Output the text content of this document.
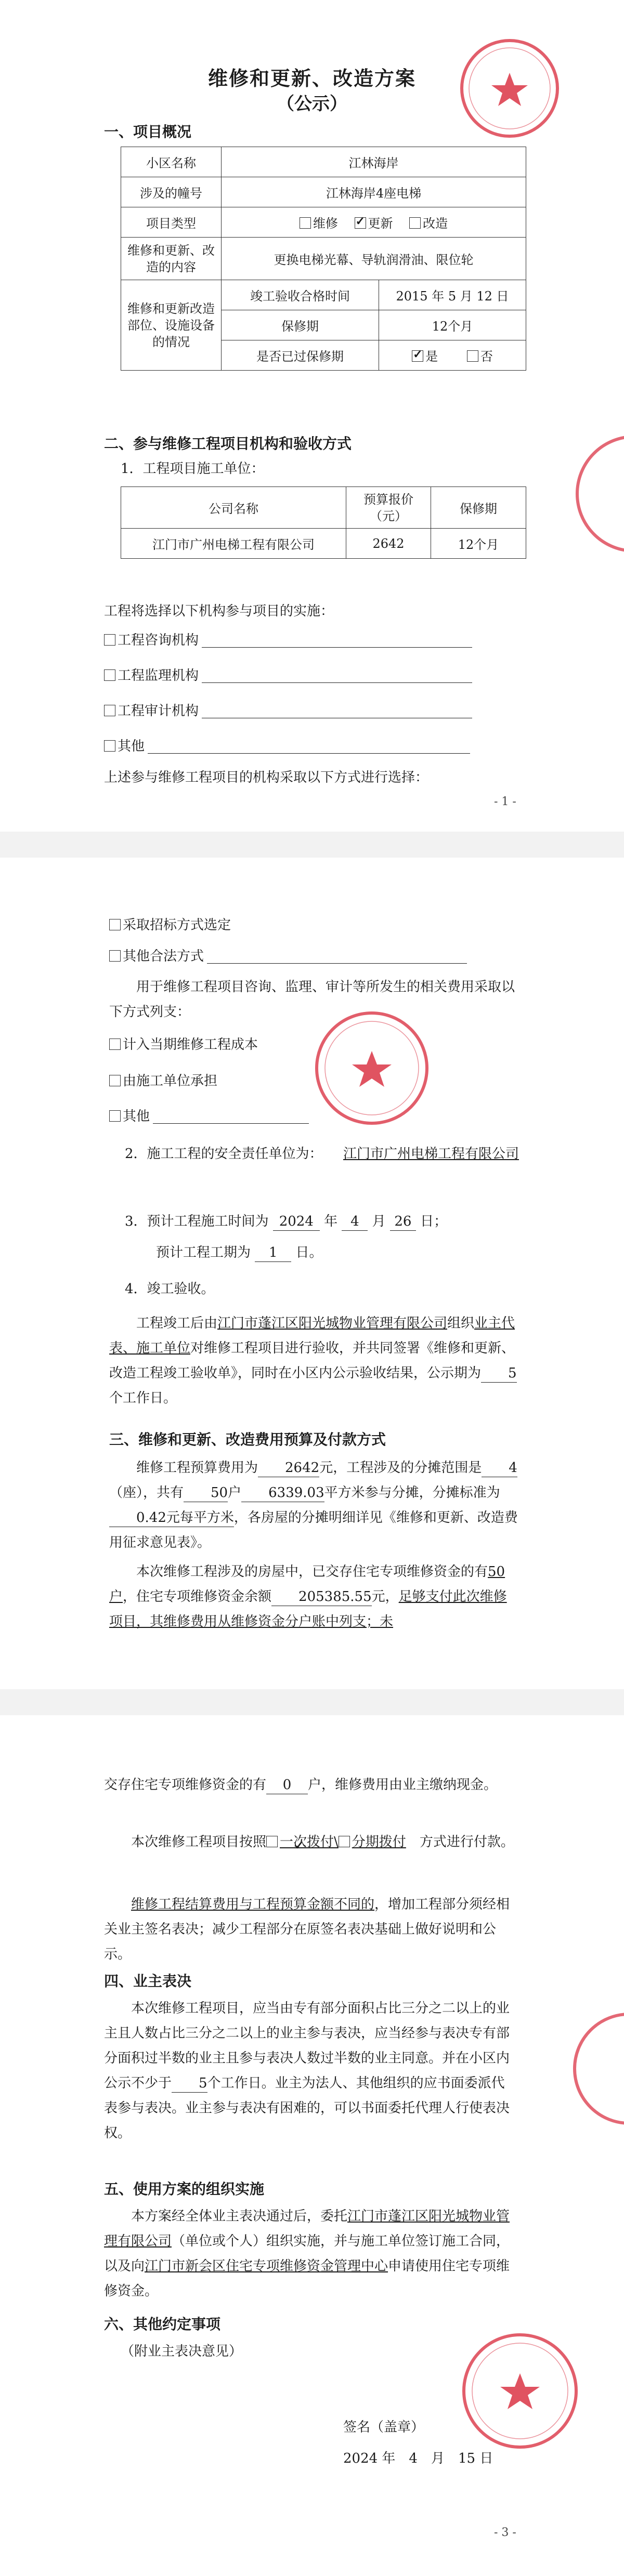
维修和更新、改造方案
（公示）
一、项目概况
小区名称	江林海岸	
涉及的幢号	江林海岸4座电梯	
项目类型	维修 　 ✓ 更新 　 改造
维修和更新、改造的内容	更换电梯光幕、导轨润滑油、限位轮	
维修和更新改造部位、设施设备的情况	竣工验收合格时间	2015 年 5 月 12 日
	保修期	12个月
	是否已过保修期	✓是 　　 否
二、参与维修工程项目机构和验收方式
1．工程项目施工单位：
公司名称	预算报价（元）	保修期
江门市广州电梯工程有限公司	2642	12个月
工程将选择以下机构参与项目的实施：
工程咨询机构
工程监理机构
工程审计机构
其他
上述参与维修工程项目的机构采取以下方式进行选择：
- 1 -
采取招标方式选定
其他合法方式
用于维修工程项目咨询、监理、审计等所发生的相关费用采取以下方式列支：
计入当期维修工程成本
由施工单位承担
其他
2．施工工程的安全责任单位为： 江门市广州电梯工程有限公司
3．预计工程施工时间为 2024 年 4 月 26 日；
预计工程工期为 1 日。
4．竣工验收。
工程竣工后由江门市蓬江区阳光城物业管理有限公司组织业主代表、施工单位对维修工程项目进行验收，并共同签署《维修和更新、改造工程竣工验收单》，同时在小区内公示验收结果，公示期为 5个工作日。
三、维修和更新、改造费用预算及付款方式
维修工程预算费用为 2642元，工程涉及的分摊范围是 4（座），共有 50户 6339.03平方米参与分摊，分摊标准为0.42元每平方米，各房屋的分摊明细详见《维修和更新、改造费用征求意见表》。
本次维修工程涉及的房屋中，已交存住宅专项维修资金的有50户，住宅专项维修资金余额 205385.55元，足够支付此次维修项目，其维修费用从维修资金分户账中列支；未
交存住宅专项维修资金的有 0 户，维修费用由业主缴纳现金。
本次维修工程项目按照 ✓ 一次拨付\ 分期拨付　 方式进行付款。
维修工程结算费用与工程预算金额不同的，增加工程部分须经相关业主签名表决；减少工程部分在原签名表决基础上做好说明和公示。
四、业主表决
本次维修工程项目，应当由专有部分面积占比三分之二以上的业主且人数占比三分之二以上的业主参与表决，应当经参与表决专有部分面积过半数的业主且参与表决人数过半数的业主同意。并在小区内公示不少于 5个工作日。业主为法人、其他组织的应书面委派代表参与表决。业主参与表决有困难的，可以书面委托代理人行使表决权。
五、使用方案的组织实施
本方案经全体业主表决通过后，委托江门市蓬江区阳光城物业管理有限公司（单位或个人）组织实施，并与施工单位签订施工合同，以及向江门市新会区住宅专项维修资金管理中心申请使用住宅专项维修资金。
六、其他约定事项
（附业主表决意见）
签名（盖章）
2024 年　4　月　15 日
- 3 -
